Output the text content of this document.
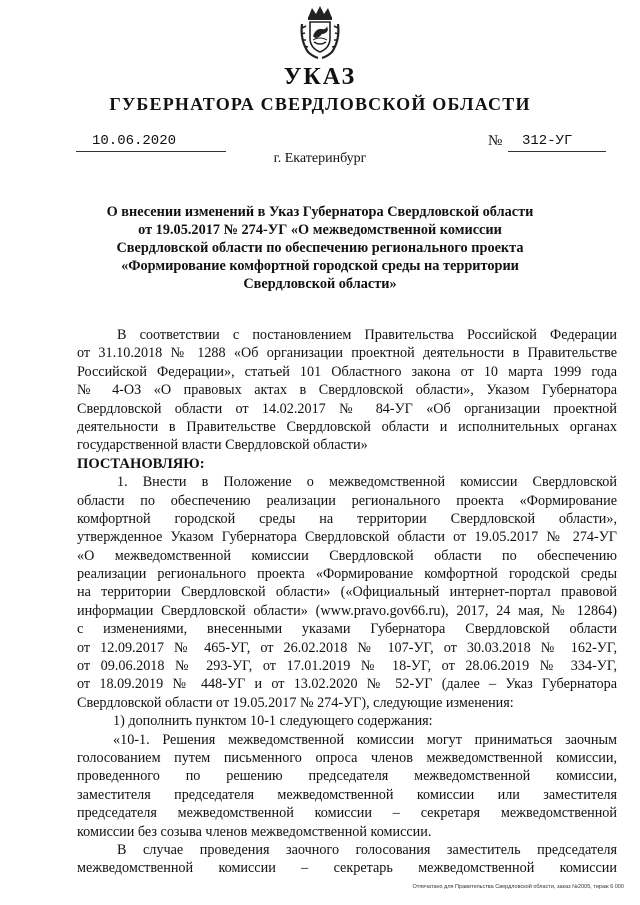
УКАЗ
ГУБЕРНАТОРА СВЕРДЛОВСКОЙ ОБЛАСТИ
10.06.2020	№	312-УГ
г. Екатеринбург
О внесении изменений в Указ Губернатора Свердловской области
от 19.05.2017 № 274-УГ «О межведомственной комиссии
Свердловской области по обеспечению регионального проекта
«Формирование комфортной городской среды на территории
Свердловской области»
В соответствии с постановлением Правительства Российской Федерации
от 31.10.2018 № 1288 «Об организации проектной деятельности в Правительстве
Российской Федерации», статьей 101 Областного закона от 10 марта 1999 года
№ 4-ОЗ «О правовых актах в Свердловской области», Указом Губернатора
Свердловской области от 14.02.2017 № 84-УГ «Об организации проектной
деятельности в Правительстве Свердловской области и исполнительных органах
государственной власти Свердловской области»
ПОСТАНОВЛЯЮ:
1. Внести в Положение о межведомственной комиссии Свердловской
области по обеспечению реализации регионального проекта «Формирование
комфортной городской среды на территории Свердловской области»,
утвержденное Указом Губернатора Свердловской области от 19.05.2017 № 274-УГ
«О межведомственной комиссии Свердловской области по обеспечению
реализации регионального проекта «Формирование комфортной городской среды
на территории Свердловской области» («Официальный интернет-портал правовой
информации Свердловской области» (www.pravo.gov66.ru), 2017, 24 мая, № 12864)
с изменениями, внесенными указами Губернатора Свердловской области
от 12.09.2017 № 465-УГ, от 26.02.2018 № 107-УГ, от 30.03.2018 № 162-УГ,
от 09.06.2018 № 293-УГ, от 17.01.2019 № 18-УГ, от 28.06.2019 № 334-УГ,
от 18.09.2019 № 448-УГ и от 13.02.2020 № 52-УГ (далее – Указ Губернатора
Свердловской области от 19.05.2017 № 274-УГ), следующие изменения:
1) дополнить пунктом 10-1 следующего содержания:
«10-1. Решения межведомственной комиссии могут приниматься заочным
голосованием путем письменного опроса членов межведомственной комиссии,
проведенного по решению председателя межведомственной комиссии,
заместителя председателя межведомственной комиссии или заместителя
председателя межведомственной комиссии – секретаря межведомственной
комиссии без созыва членов межведомственной комиссии.
В случае проведения заочного голосования заместитель председателя
межведомственной комиссии – секретарь межведомственной комиссии
Отпечатано для Правительства Свердловской области, заказ №2005, тираж 6 000
